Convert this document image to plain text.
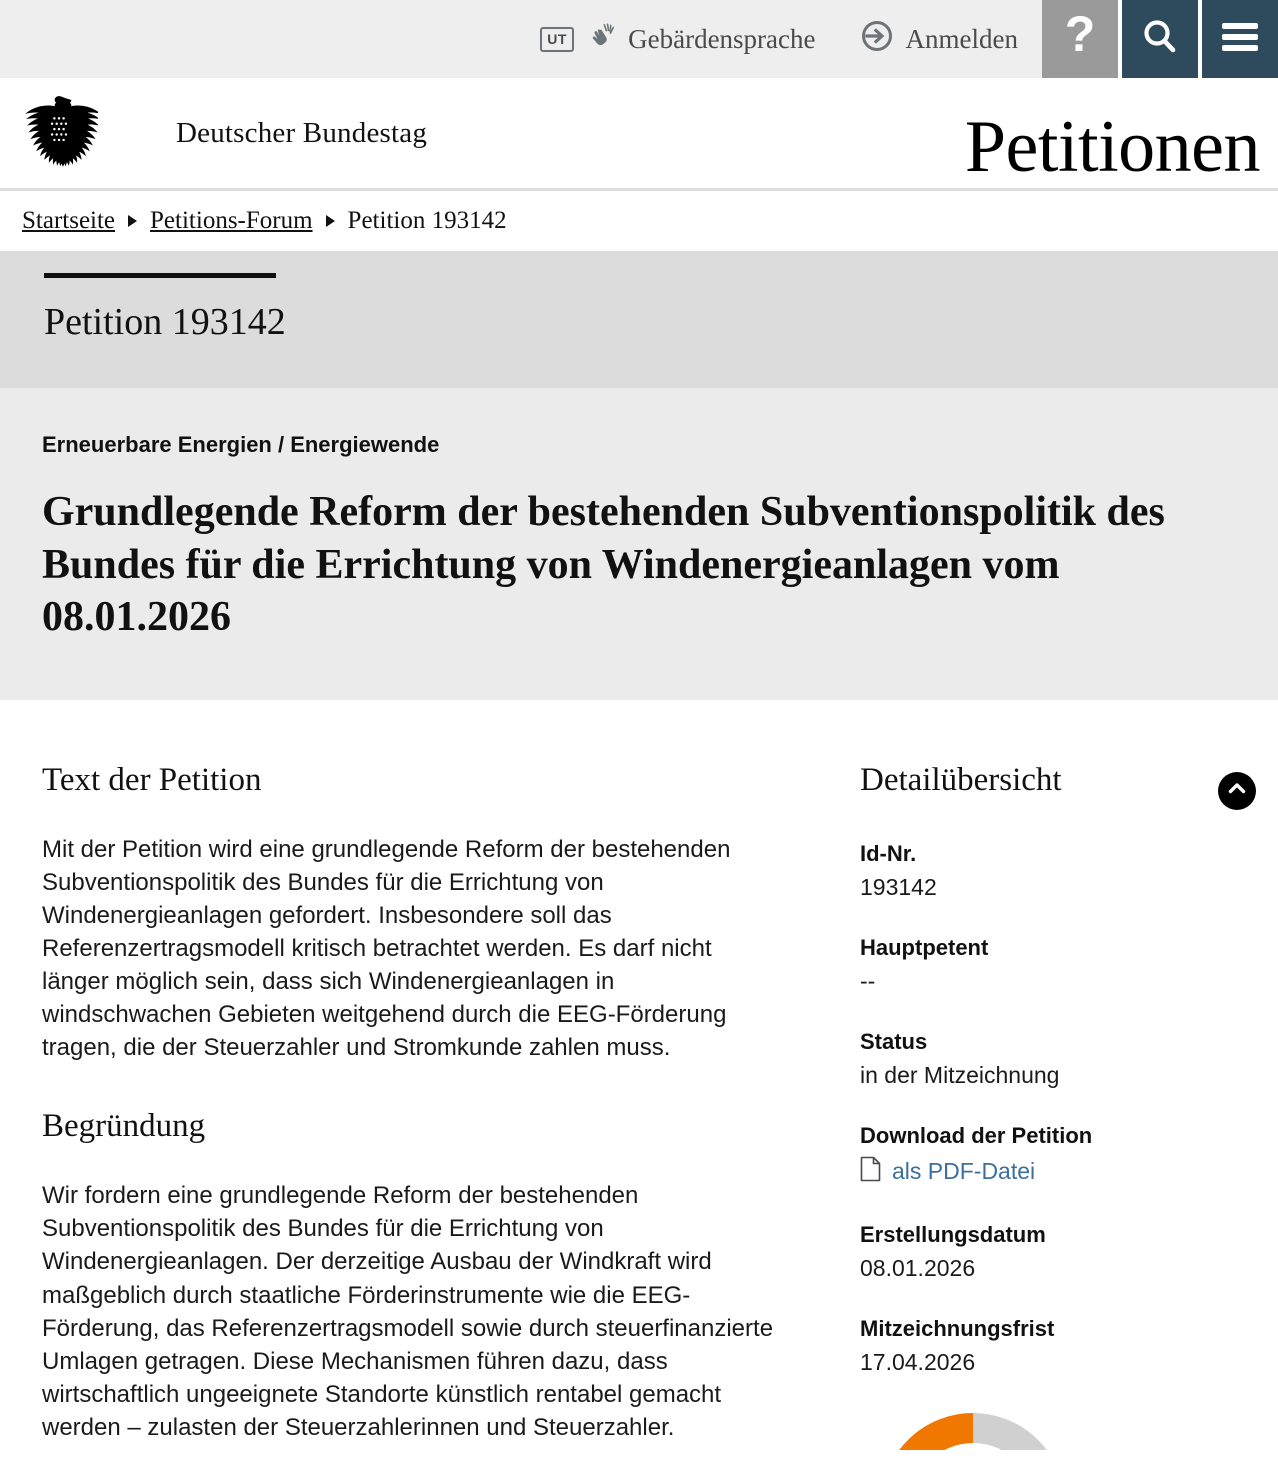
UT Gebärdensprache	Anmelden ?
Deutscher Bundestag	Petitionen
Startseite Petitions-Forum Petition 193142
Petition 193142
Erneuerbare Energien / Energiewende
Grundlegende Reform der bestehenden Subventionspolitik des Bundes für die Errichtung von Windenergieanlagen vom 08.01.2026
Text der Petition

Mit der Petition wird eine grundlegende Reform der bestehenden Subventionspolitik des Bundes für die Errichtung von Windenergieanlagen gefordert. Insbesondere soll das Referenzertragsmodell kritisch betrachtet werden. Es darf nicht länger möglich sein, dass sich Windenergieanlagen in windschwachen Gebieten weitgehend durch die EEG-Förderung tragen, die der Steuerzahler und Stromkunde zahlen muss.

Begründung

Wir fordern eine grundlegende Reform der bestehenden Subventionspolitik des Bundes für die Errichtung von Windenergieanlagen. Der derzeitige Ausbau der Windkraft wird maßgeblich durch staatliche Förderinstrumente wie die EEG-Förderung, das Referenzertragsmodell sowie durch steuerfinanzierte Umlagen getragen. Diese Mechanismen führen dazu, dass wirtschaftlich ungeeignete Standorte künstlich rentabel gemacht werden – zulasten der Steuerzahlerinnen und Steuerzahler.

Detailübersicht
Id-Nr.
193142
Hauptpetent
--
Status
in der Mitzeichnung
Download der Petition
als PDF-Datei
Erstellungsdatum
08.01.2026
Mitzeichnungsfrist
17.04.2026
